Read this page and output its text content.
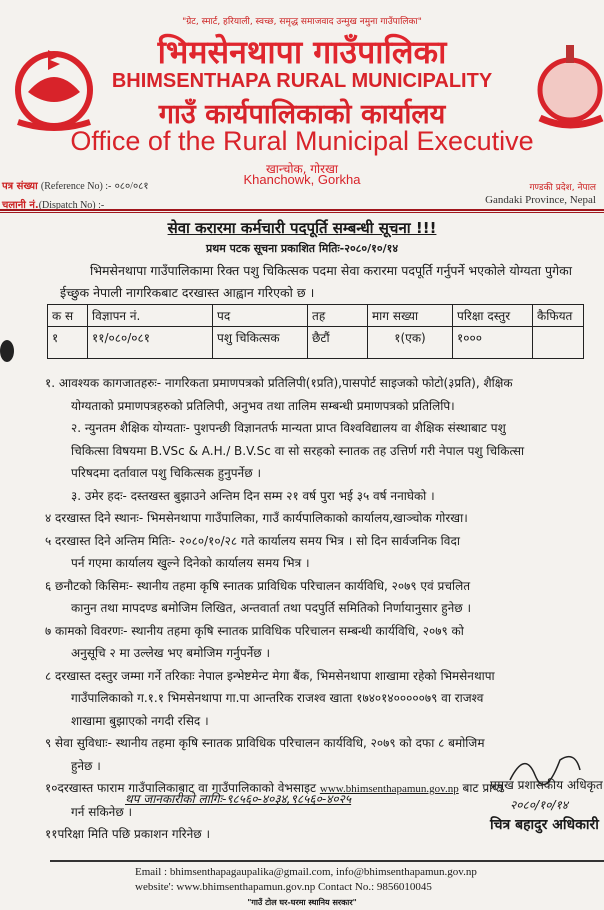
"ग्रेट, स्मार्ट, हरियाली, स्वच्छ, समृद्ध समाजवाद उन्मुख नमुना गाउँपालिका"
भिमसेनथापा गाउँपालिका
BHIMSENTHAPA RURAL MUNICIPALITY
गाउँ कार्यपालिकाको कार्यालय
Office of the Rural Municipal Executive
खान्चोक, गोरखा
Khanchowk, Gorkha
पत्र संख्या (Reference No) :- ०८०/०८१
चलानी नं.(Dispatch No) :-
गण्डकी प्रदेश, नेपाल
Gandaki Province, Nepal
सेवा करारमा कर्मचारी पदपूर्ति सम्बन्धी सूचना !!!
प्रथम पटक सूचना प्रकाशित मितिः-२०८०/१०/१४
भिमसेनथापा गाउँपालिकामा रिक्त पशु चिकित्सक पदमा सेवा करारमा पदपूर्ति गर्नुपर्ने भएकोले योग्यता पुगेका ईच्छुक नेपाली नागरिकबाट दरखास्त आह्वान गरिएको छ ।
क स	विज्ञापन नं.	पद	तह	माग सख्या	परिक्षा दस्तुर	कैफियत
१	११/०८०/०८१	पशु चिकित्सक	छैटौं	१(एक)	१०००	
१. आवश्यक कागजातहरुः- नागरिकता प्रमाणपत्रको प्रतिलिपी(१प्रति),पासपोर्ट साइजको फोटो(३प्रति), शैक्षिक
योग्यताको प्रमाणपत्रहरुको प्रतिलिपी, अनुभव तथा तालिम सम्बन्धी प्रमाणपत्रको प्रतिलिपि।
२. न्युनतम शैक्षिक योग्यताः- पुशपन्छी विज्ञानतर्फ मान्यता प्राप्त विश्वविद्यालय वा शैक्षिक संस्थाबाट पशु
चिकित्सा विषयमा B.VSc & A.H./ B.V.Sc वा सो सरहको स्नातक तह उत्तिर्ण गरी नेपाल पशु चिकित्सा
परिषदमा दर्तावाल पशु चिकित्सक हुनुपर्नेछ ।
३. उमेर हदः- दस्तखस्त बुझाउने अन्तिम दिन सम्म २१ वर्ष पुरा भई ३५ वर्ष ननाघेको ।
४ दरखास्त दिने स्थानः- भिमसेनथापा गाउँपालिका, गाउँ कार्यपालिकाको कार्यालय,खाञ्चोक गोरखा।
५ दरखास्त दिने अन्तिम मितिः- २०८०/१०/२८ गते कार्यालय समय भित्र । सो दिन सार्वजनिक विदा
पर्न गएमा कार्यालय खुल्ने दिनेको कार्यालय समय भित्र ।
६ छनौटको किसिमः- स्थानीय तहमा कृषि स्नातक प्राविधिक परिचालन कार्यविधि, २०७९ एवं प्रचलित
कानुन तथा मापदण्ड बमोजिम लिखित, अन्तवार्ता तथा पदपुर्ति समितिको निर्णायानुसार हुनेछ ।
७ कामको विवरणः- स्थानीय तहमा कृषि स्नातक प्राविधिक परिचालन सम्बन्धी कार्यविधि, २०७९ को
अनुसूचि २ मा उल्लेख भए बमोजिम गर्नुपर्नेछ ।
८ दरखास्त दस्तुर जम्मा गर्ने तरिकाः नेपाल इन्भेष्टमेन्ट मेगा बैंक, भिमसेनथापा शाखामा रहेको भिमसेनथापा
गाउँपालिकाको ग.१.१ भिमसेनथापा गा.पा आन्तरिक राजश्व खाता १७४०१४०००००७९ वा राजश्व
शाखामा बुझाएको नगदी रसिद ।
९ सेवा सुविधाः- स्थानीय तहमा कृषि स्नातक प्राविधिक परिचालन कार्यविधि, २०७९ को दफा ८ बमोजिम
हुनेछ ।
१०दरखास्त फाराम गाउँपालिकाबाट वा गाउँपालिकाको वेभसाइट www.bhimsenthapamun.gov.np बाट प्राप्त
गर्न सकिनेछ ।
११परिक्षा मिति पछि प्रकाशन गरिनेछ ।
थप जानकारीको लागिः-९८५६०-४०३४,९८५६०-४०२५
प्रमुख प्रशासकीय अधिकृत
२०८०/१०/१४
चित्र बहादुर अधिकारी
Email : bhimsenthapagaupalika@gmail.com, info@bhimsenthapamun.gov.np
website': www.bhimsenthapamun.gov.np Contact No.: 9856010045
"गाउँ टोल घर-घरमा स्थानिय सरकार"
